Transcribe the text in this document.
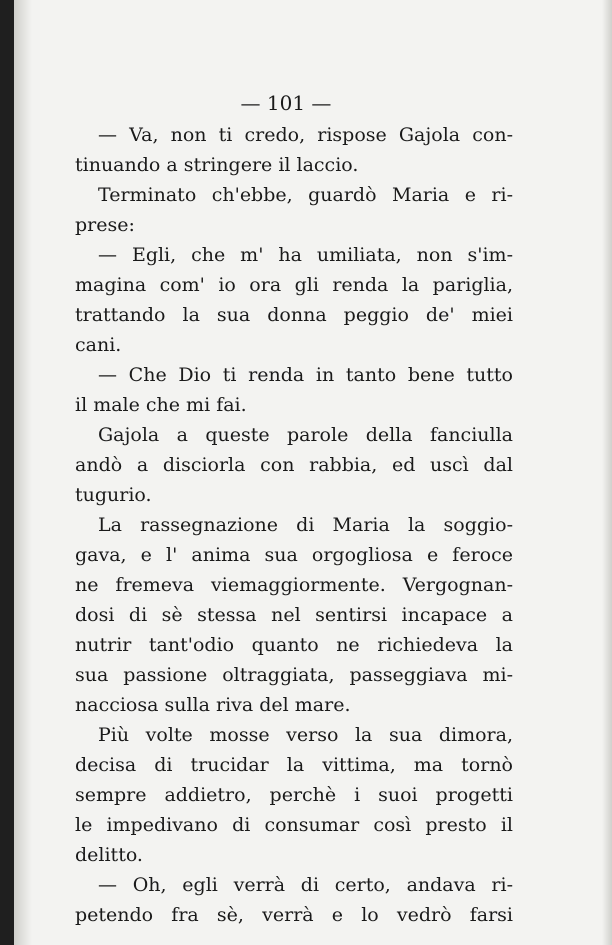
— 101 —
— Va, non ti credo, rispose Gajola con-
tinuando a stringere il laccio.
Terminato ch'ebbe, guardò Maria e ri-
prese:
— Egli, che m' ha umiliata, non s'im-
magina com' io ora gli renda la pariglia,
trattando la sua donna peggio de' miei
cani.
— Che Dio ti renda in tanto bene tutto
il male che mi fai.
Gajola a queste parole della fanciulla
andò a disciorla con rabbia, ed uscì dal
tugurio.
La rassegnazione di Maria la soggio-
gava, e l' anima sua orgogliosa e feroce
ne fremeva viemaggiormente. Vergognan-
dosi di sè stessa nel sentirsi incapace a
nutrir tant'odio quanto ne richiedeva la
sua passione oltraggiata, passeggiava mi-
nacciosa sulla riva del mare.
Più volte mosse verso la sua dimora,
decisa di trucidar la vittima, ma tornò
sempre addietro, perchè i suoi progetti
le impedivano di consumar così presto il
delitto.
— Oh, egli verrà di certo, andava ri-
petendo fra sè, verrà e lo vedrò farsi
